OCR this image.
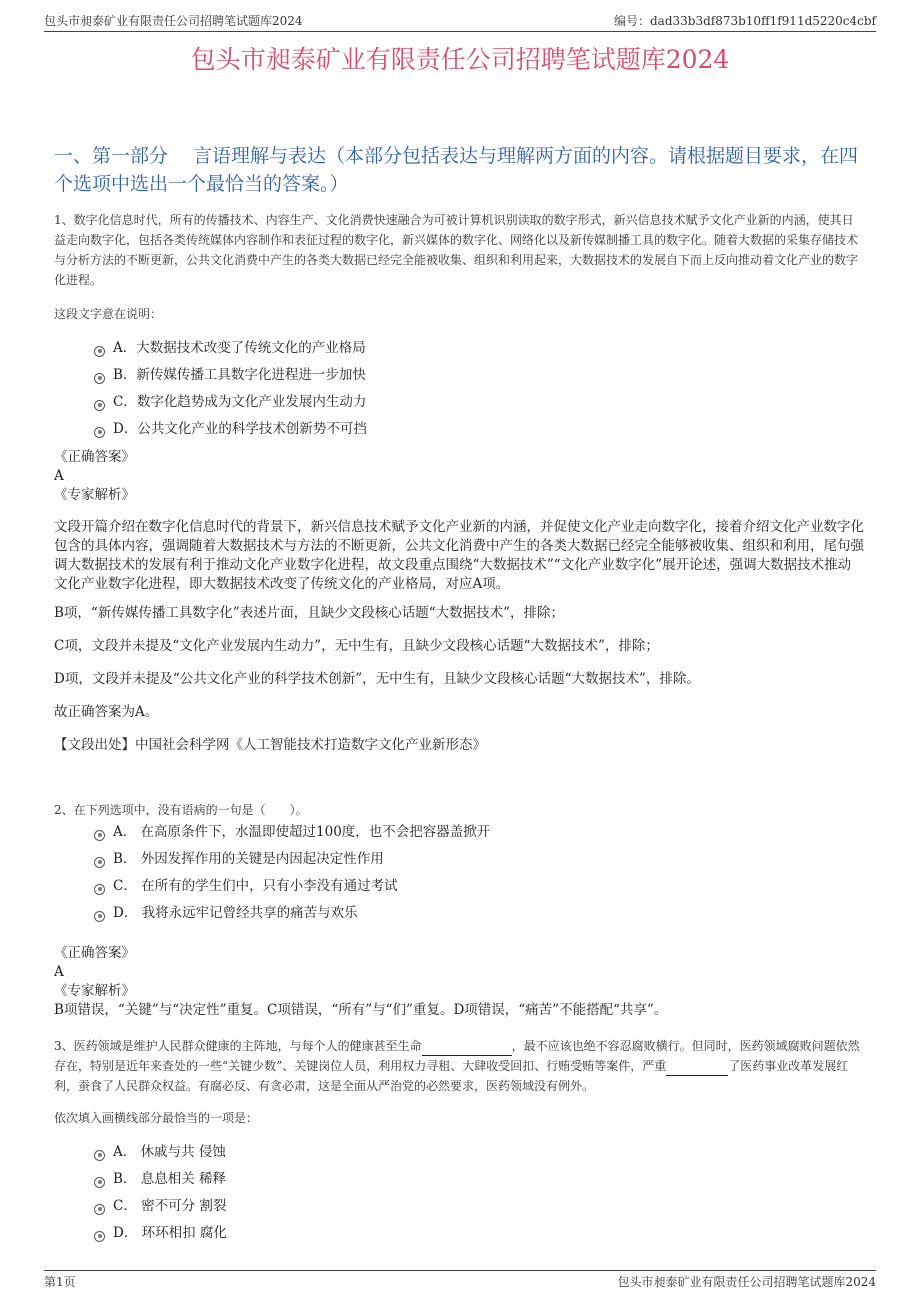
包头市昶泰矿业有限责任公司招聘笔试题库2024	编号：dad33b3df873b10ff1f911d5220c4cbf
包头市昶泰矿业有限责任公司招聘笔试题库2024
一、第一部分　 言语理解与表达（本部分包括表达与理解两方面的内容。请根据题目要求，在四个选项中选出一个最恰当的答案。）

1、数字化信息时代，所有的传播技术、内容生产、文化消费快速融合为可被计算机识别读取的数字形式，新兴信息技术赋予文化产业新的内涵，使其日益走向数字化，包括各类传统媒体内容制作和表征过程的数字化，新兴媒体的数字化、网络化以及新传媒制播工具的数字化。随着大数据的采集存储技术与分析方法的不断更新，公共文化消费中产生的各类大数据已经完全能被收集、组织和利用起来，大数据技术的发展自下而上反向推动着文化产业的数字化进程。

这段文字意在说明：

A．大数据技术改变了传统文化的产业格局
B．新传媒传播工具数字化进程进一步加快
C．数字化趋势成为文化产业发展内生动力
D．公共文化产业的科学技术创新势不可挡
《正确答案》
A
《专家解析》

文段开篇介绍在数字化信息时代的背景下，新兴信息技术赋予文化产业新的内涵，并促使文化产业走向数字化，接着介绍文化产业数字化包含的具体内容，强调随着大数据技术与方法的不断更新，公共文化消费中产生的各类大数据已经完全能够被收集、组织和利用，尾句强调大数据技术的发展有利于推动文化产业数字化进程，故文段重点围绕“大数据技术”“文化产业数字化”展开论述，强调大数据技术推动文化产业数字化进程，即大数据技术改变了传统文化的产业格局，对应A项。

B项，“新传媒传播工具数字化”表述片面，且缺少文段核心话题“大数据技术”，排除；

C项，文段并未提及“文化产业发展内生动力”，无中生有，且缺少文段核心话题“大数据技术”，排除；

D项，文段并未提及“公共文化产业的科学技术创新”，无中生有，且缺少文段核心话题“大数据技术”，排除。

故正确答案为A。

【文段出处】中国社会科学网《人工智能技术打造数字文化产业新形态》

2、在下列选项中，没有语病的一句是（　　）。

A． 在高原条件下，水温即使超过100度，也不会把容器盖掀开
B． 外因发挥作用的关键是内因起决定性作用
C． 在所有的学生们中，只有小李没有通过考试
D． 我将永远牢记曾经共享的痛苦与欢乐
《正确答案》
A
《专家解析》

B项错误，“关键”与“决定性”重复。C项错误，“所有”与“们”重复。D项错误，“痛苦”不能搭配“共享”。

3、医药领域是维护人民群众健康的主阵地，与每个人的健康甚至生命	，最不应该也绝不容忍腐败横行。但同时，医药领域腐败问题依然存在，特别是近年来查处的一些“关键少数”、关键岗位人员，利用权力寻租、大肆收受回扣、行贿受贿等案件，严重	了医药事业改革发展红利，蚕食了人民群众权益。有腐必反、有贪必肃，这是全面从严治党的必然要求，医药领域没有例外。

依次填入画横线部分最恰当的一项是：

A． 休戚与共 侵蚀
B． 息息相关 稀释
C． 密不可分 割裂
D． 环环相扣 腐化
第1页	包头市昶泰矿业有限责任公司招聘笔试题库2024
